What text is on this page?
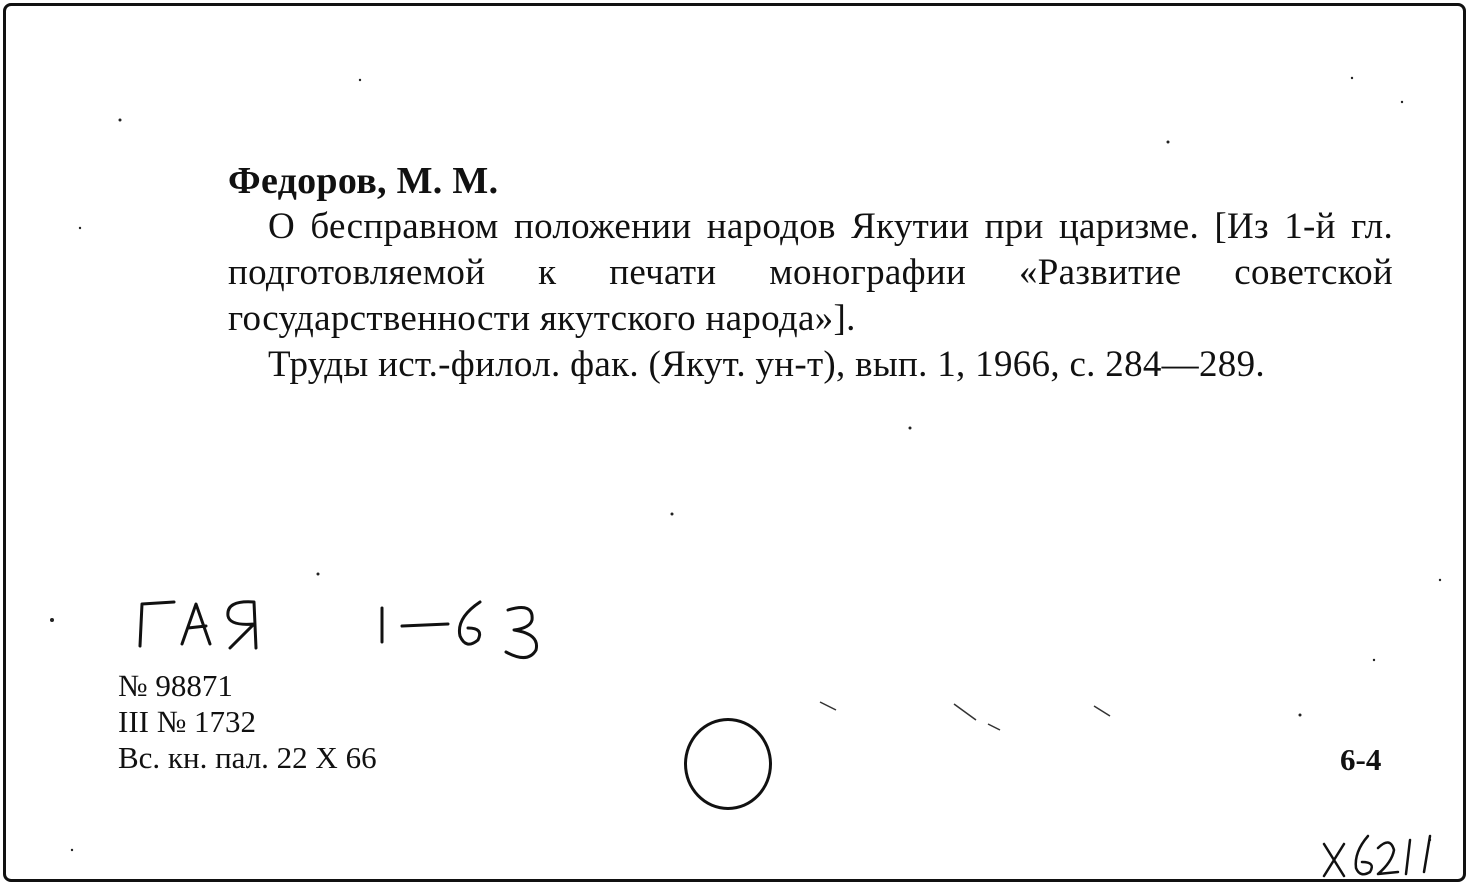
Федоров, М. М.
О бесправном положении народов Якутии при царизме. [Из 1-й гл. подготовляемой к печати монографии «Развитие советской государственности якутского народа»].
Труды ист.-филол. фак. (Якут. ун-т), вып. 1, 1966, с. 284—289.
№ 98871
III № 1732
Вс. кн. пал. 22 X 66	6-4
